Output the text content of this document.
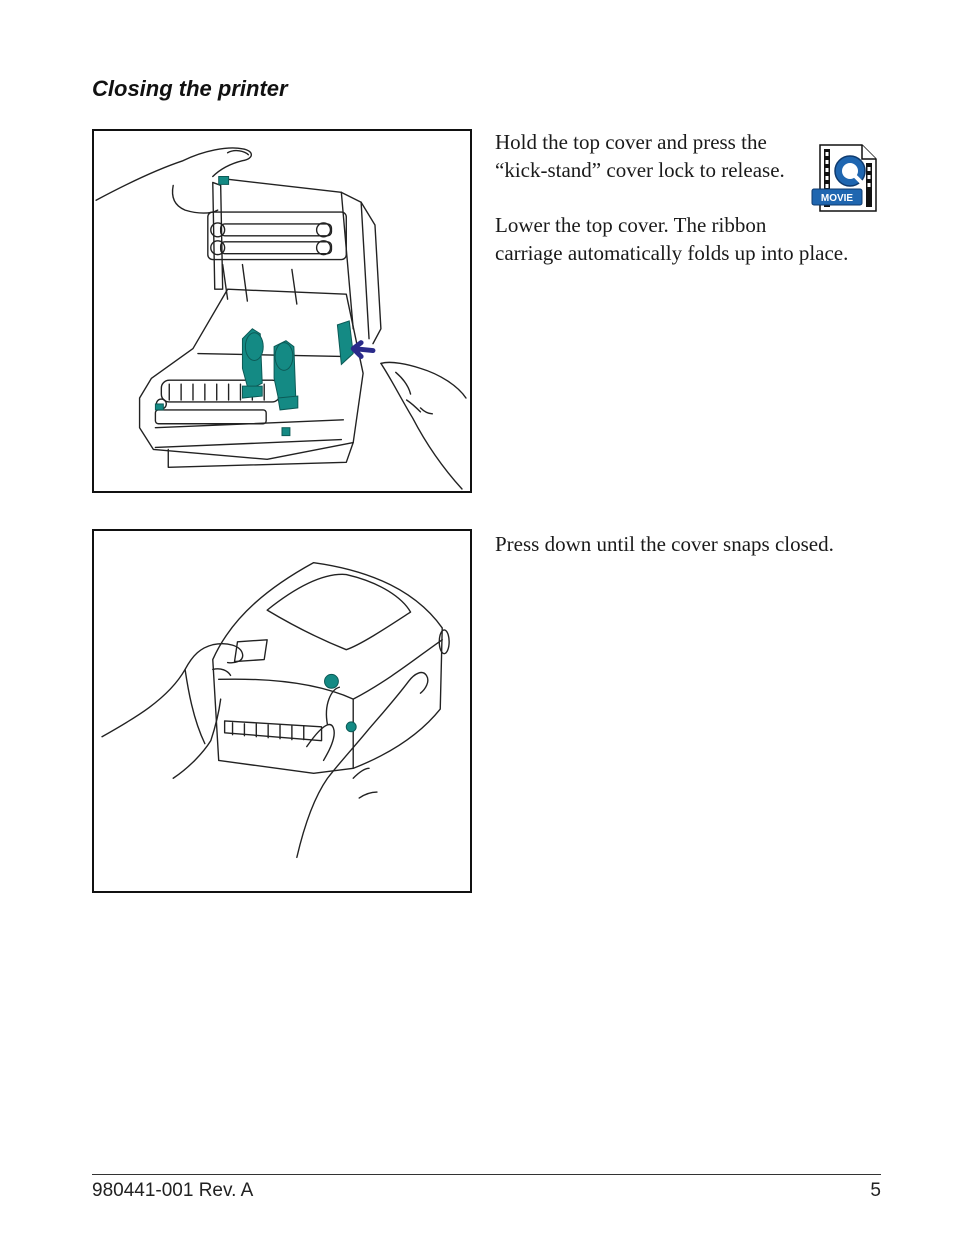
Closing the printer

Hold the top cover and press the
“kick-stand” cover lock to release.

MOVIE

Lower the top cover. The ribbon
carriage automatically folds up into place.

Press down until the cover snaps closed.

980441-001 Rev. A	5
